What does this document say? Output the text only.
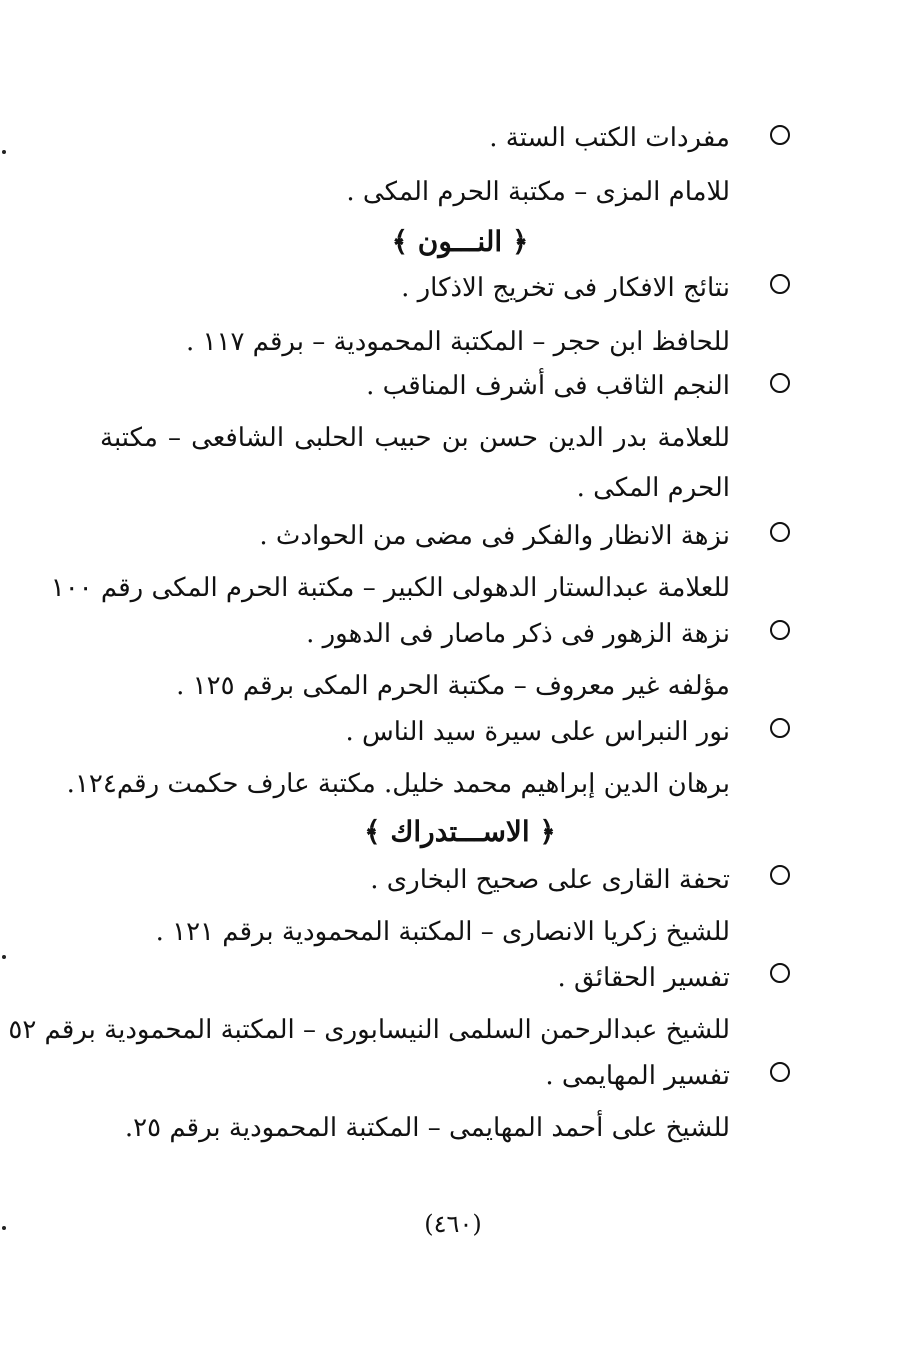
مفردات الكتب الستة .
للامام المزى – مكتبة الحرم المكى .
﴿ النـــون ﴾
نتائج الافكار فى تخريج الاذكار .
للحافظ ابن حجر – المكتبة المحمودية – برقم ١١٧ .
النجم الثاقب فى أشرف المناقب .
للعلامة بدر الدين حسن بن حبيب الحلبى الشافعى – مكتبة
الحرم المكى .
نزهة الانظار والفكر فى مضى من الحوادث .
للعلامة عبدالستار الدهولى الكبير – مكتبة الحرم المكى رقم ١٠٠
نزهة الزهور فى ذكر ماصار فى الدهور .
مؤلفه غير معروف – مكتبة الحرم المكى برقم ١٢٥ .
نور النبراس على سيرة سيد الناس .
برهان الدين إبراهيم محمد خليل. مكتبة عارف حكمت رقم١٢٤.
﴿ الاســـتدراك ﴾
تحفة القارى على صحيح البخارى .
للشيخ زكريا الانصارى – المكتبة المحمودية برقم ١٢١ .
تفسير الحقائق .
للشيخ عبدالرحمن السلمى النيسابورى – المكتبة المحمودية برقم ٥٢
تفسير المهايمى .
للشيخ على أحمد المهايمى – المكتبة المحمودية برقم ٢٥.
(٤٦٠)
